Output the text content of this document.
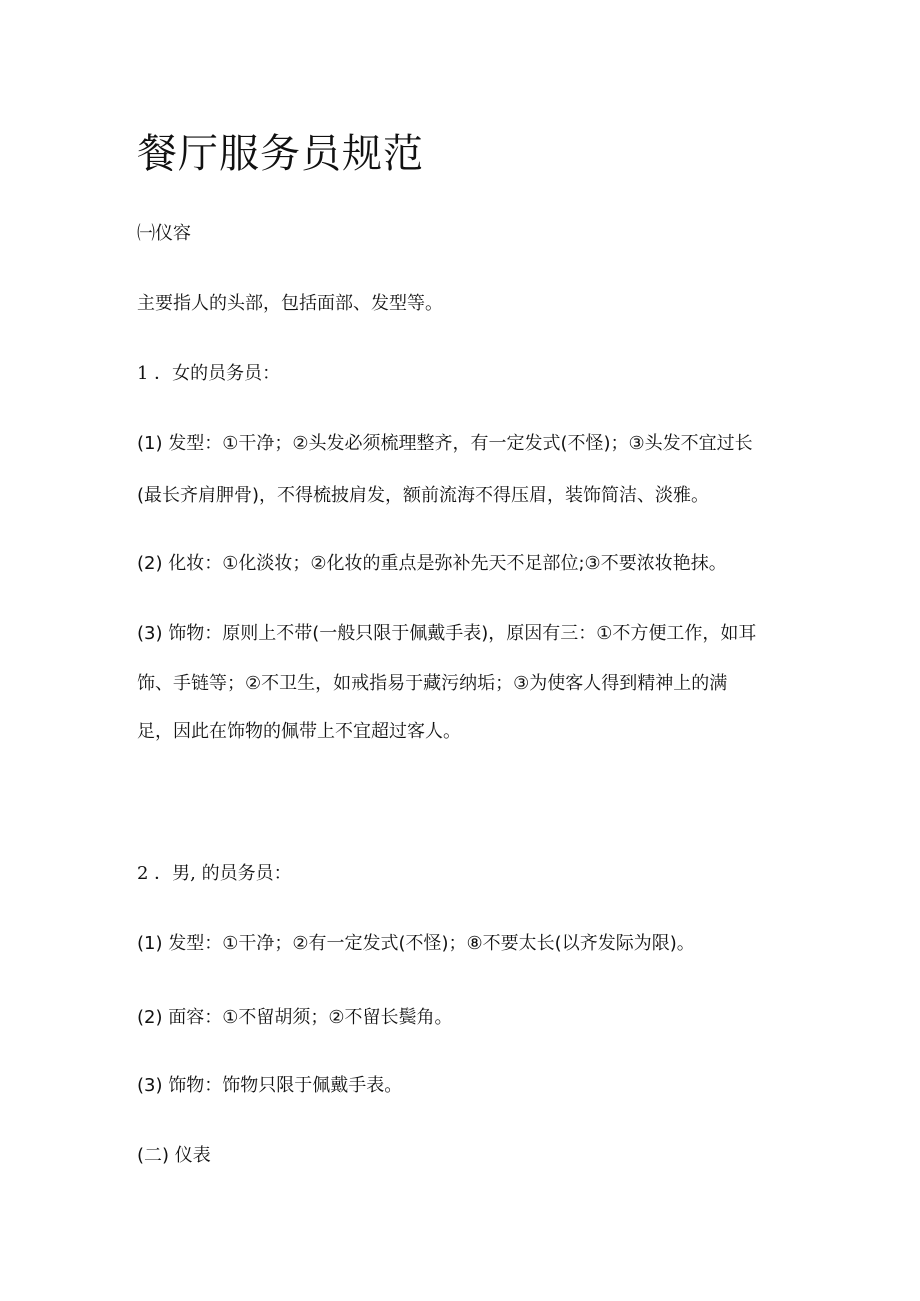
餐厅服务员规范

㈠仪容

主要指人的头部，包括面部、发型等。

1 ．女的员务员：

(1) 发型：①干净；②头发必须梳理整齐，有一定发式(不怪)；③头发不宜过长

(最长齐肩胛骨)，不得梳披肩发，额前流海不得压眉，装饰简洁、淡雅。

(2) 化妆：①化淡妆；②化妆的重点是弥补先天不足部位;③不要浓妆艳抹。

(3) 饰物：原则上不带(一般只限于佩戴手表)，原因有三：①不方便工作，如耳

饰、手链等；②不卫生，如戒指易于藏污纳垢；③为使客人得到精神上的满

足，因此在饰物的佩带上不宜超过客人。

2 ．男, 的员务员：

(1) 发型：①干净；②有一定发式(不怪)；⑧不要太长(以齐发际为限)。

(2) 面容：①不留胡须；②不留长鬓角。

(3) 饰物：饰物只限于佩戴手表。

(二) 仪表
